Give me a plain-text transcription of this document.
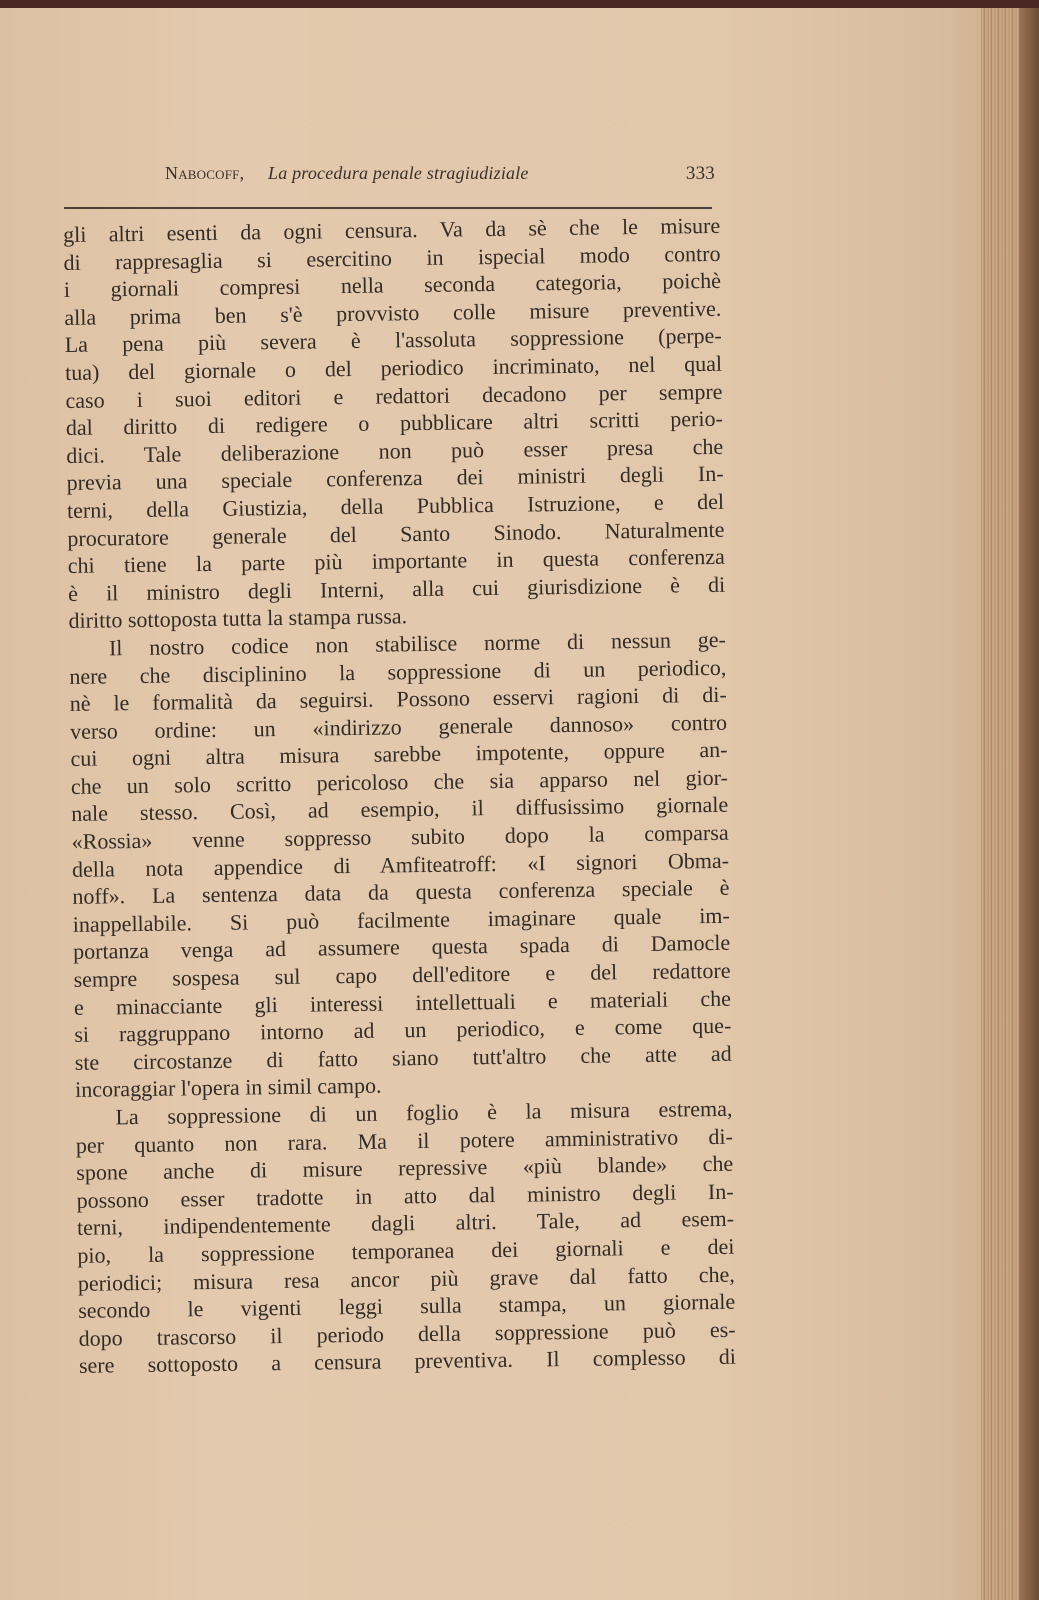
Nabocoff, La procedura penale stragiudiziale	333
gli altri esenti da ogni censura. Va da sè che le misure
di rappresaglia si esercitino in ispecial modo contro
i giornali compresi nella seconda categoria, poichè
alla prima ben s'è provvisto colle misure preventive.
La pena più severa è l'assoluta soppressione (perpe-
tua) del giornale o del periodico incriminato, nel qual
caso i suoi editori e redattori decadono per sempre
dal diritto di redigere o pubblicare altri scritti perio-
dici. Tale deliberazione non può esser presa che
previa una speciale conferenza dei ministri degli In-
terni, della Giustizia, della Pubblica Istruzione, e del
procuratore generale del Santo Sinodo. Naturalmente
chi tiene la parte più importante in questa conferenza
è il ministro degli Interni, alla cui giurisdizione è di
diritto sottoposta tutta la stampa russa.
Il nostro codice non stabilisce norme di nessun ge-
nere che disciplinino la soppressione di un periodico,
nè le formalità da seguirsi. Possono esservi ragioni di di-
verso ordine: un «indirizzo generale dannoso» contro
cui ogni altra misura sarebbe impotente, oppure an-
che un solo scritto pericoloso che sia apparso nel gior-
nale stesso. Così, ad esempio, il diffusissimo giornale
«Rossia» venne soppresso subito dopo la comparsa
della nota appendice di Amfiteatroff: «I signori Obma-
noff». La sentenza data da questa conferenza speciale è
inappellabile. Si può facilmente imaginare quale im-
portanza venga ad assumere questa spada di Damocle
sempre sospesa sul capo dell'editore e del redattore
e minacciante gli interessi intellettuali e materiali che
si raggruppano intorno ad un periodico, e come que-
ste circostanze di fatto siano tutt'altro che atte ad
incoraggiar l'opera in simil campo.
La soppressione di un foglio è la misura estrema,
per quanto non rara. Ma il potere amministrativo di-
spone anche di misure repressive «più blande» che
possono esser tradotte in atto dal ministro degli In-
terni, indipendentemente dagli altri. Tale, ad esem-
pio, la soppressione temporanea dei giornali e dei
periodici; misura resa ancor più grave dal fatto che,
secondo le vigenti leggi sulla stampa, un giornale
dopo trascorso il periodo della soppressione può es-
sere sottoposto a censura preventiva. Il complesso di
